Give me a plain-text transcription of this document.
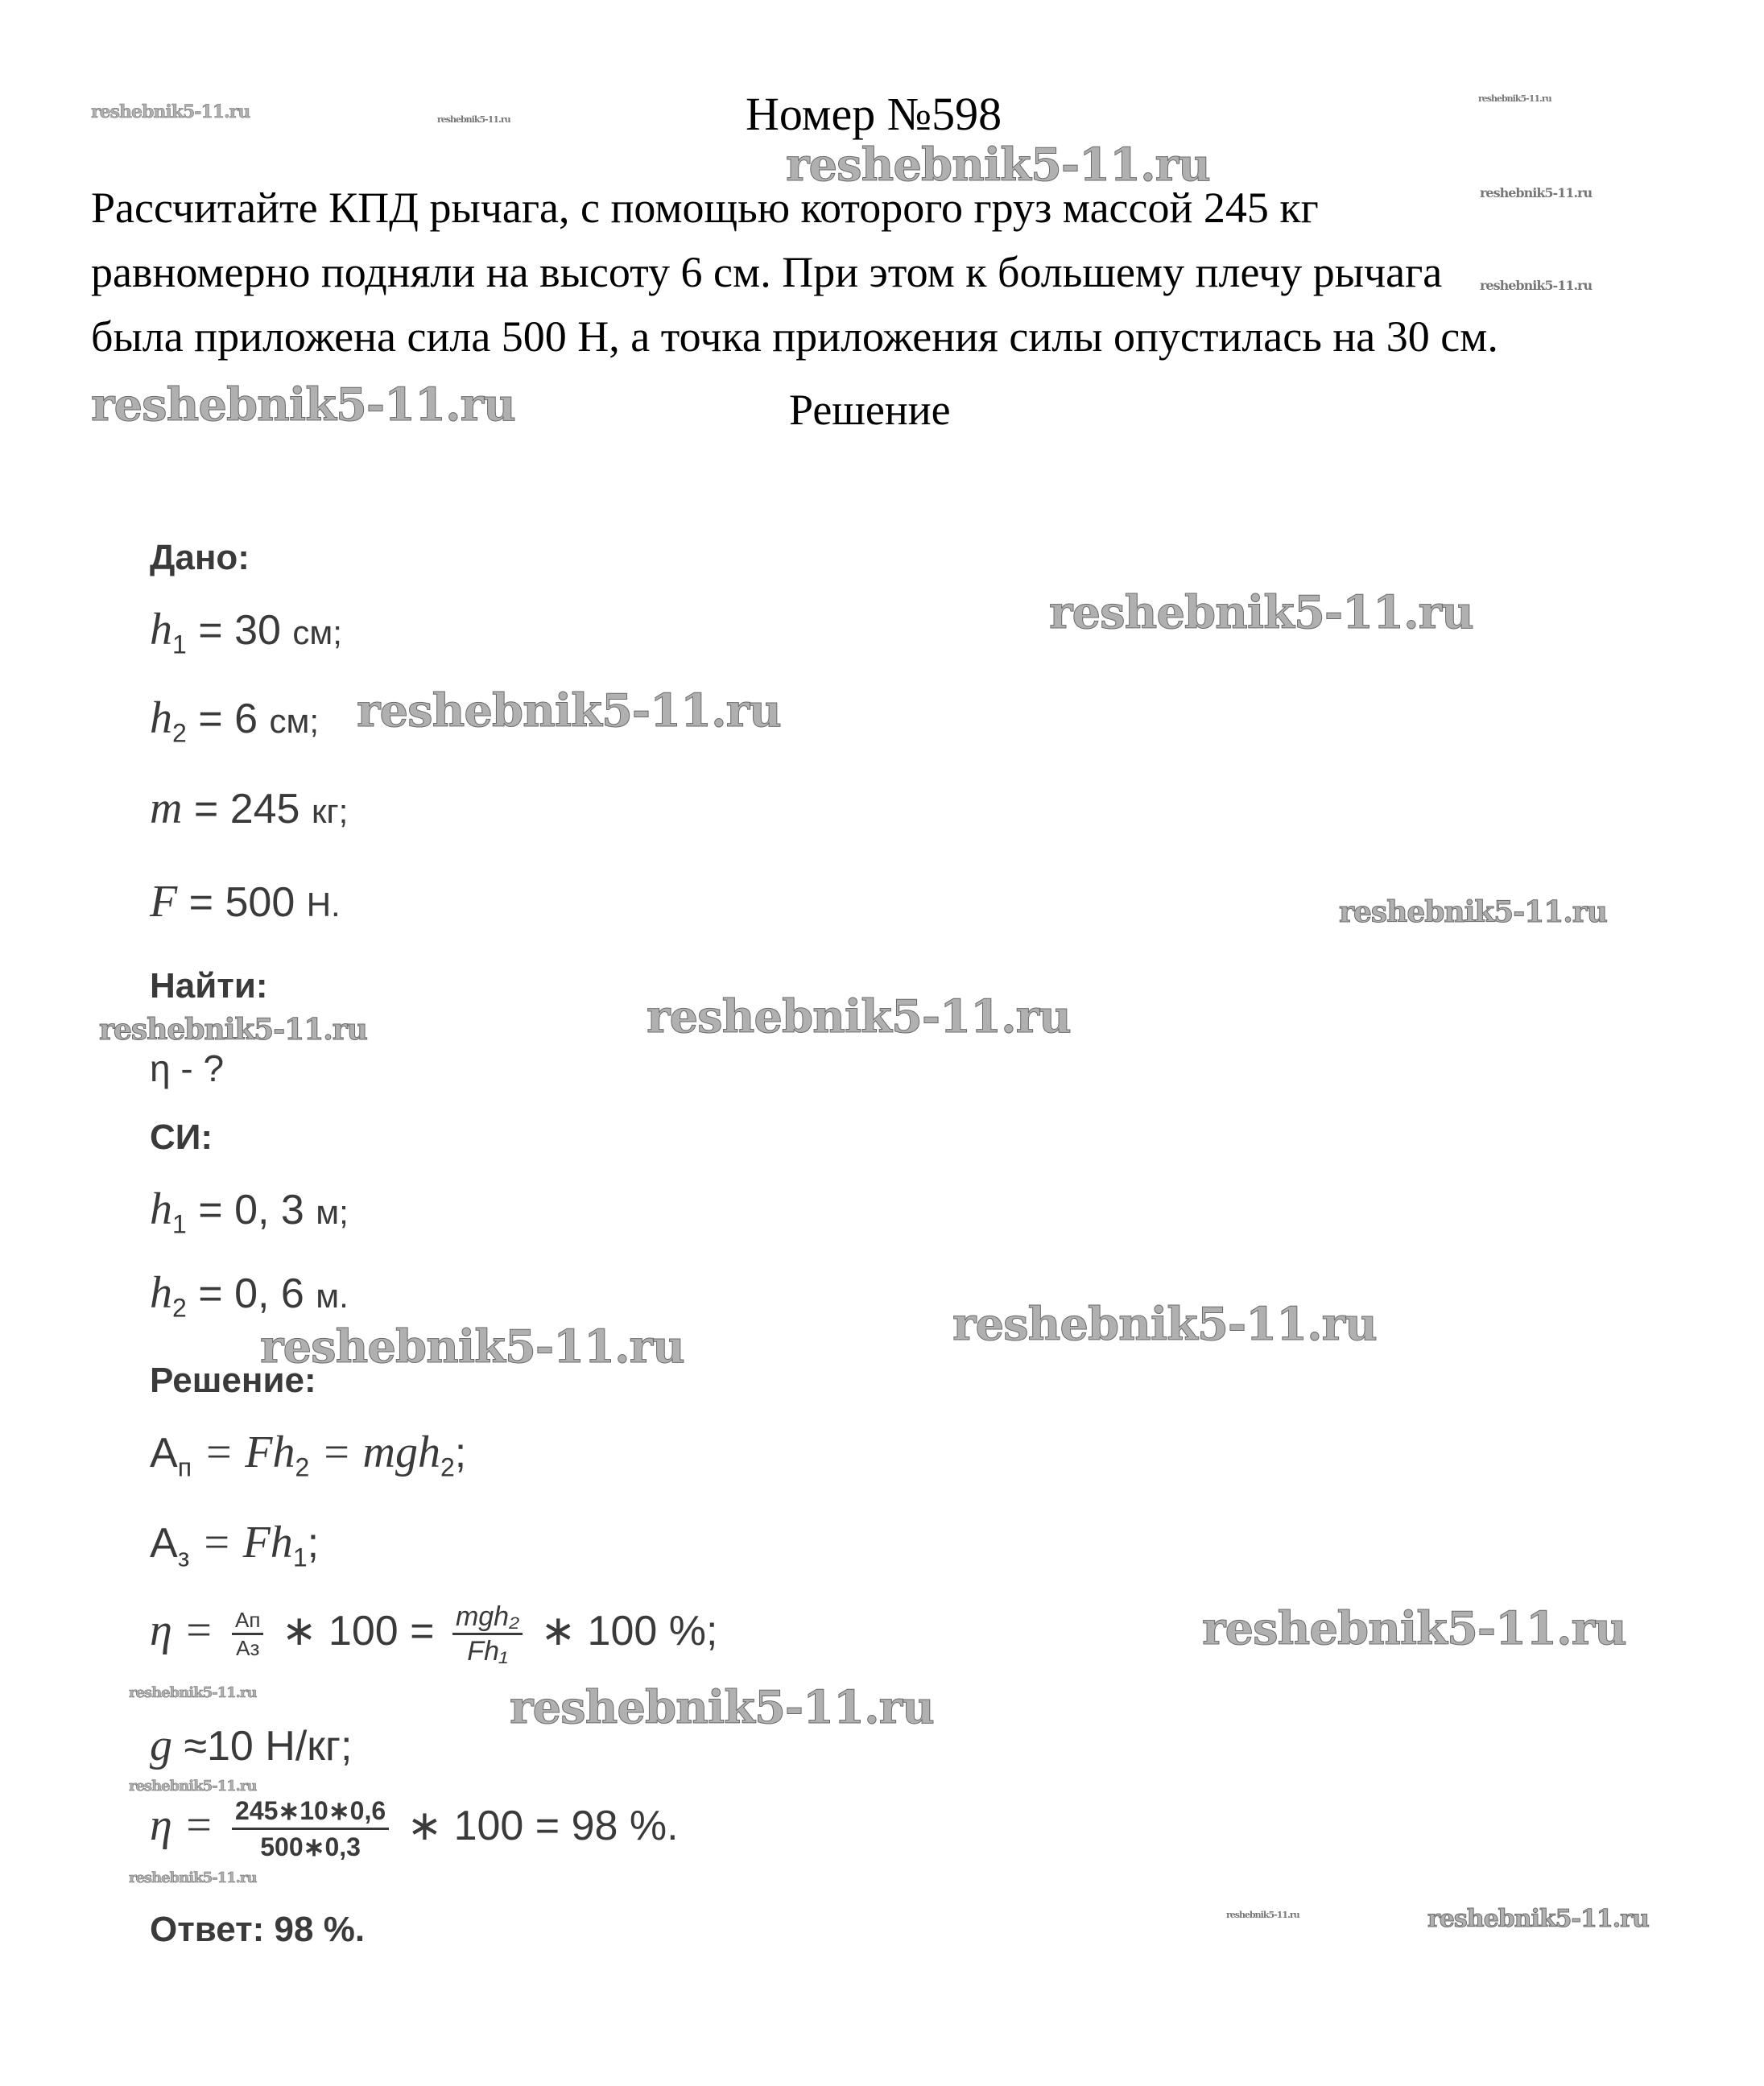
Номер №598
Рассчитайте КПД рычага, с помощью которого груз массой 245 кг
равномерно подняли на высоту 6 см. При этом к большему плечу рычага
была приложена сила 500 Н, а точка приложения силы опустилась на 30 см.
Решение
Дано:
$h_1 = 30$ см;
$h_2 = 6$ см;
m = 245 кг;
F = 500 Н.
Найти:
η - ?
СИ:
$h_1 = 0$, 3 м;
$h_2 = 0$, 6 м.
Решение:
$A_п = Fh_2 = mgh_2$;
$A_з = Fh_1$;
$\eta = \frac{Aп}{Aз}$ ∗ $100 = \frac{\text{mgh₂}}{\text{Fh₁}}$ ∗ 100 %;
g ≈10 Н/кг;
$\eta = \frac{245∗10∗0,6}{500∗0,3}$ ∗ 100 = 98 %.
Ответ: 98 %.
reshebnik5-11.ru	reshebnik5-11.ru
reshebnik5-11.ru
reshebnik5-11.ru
reshebnik5-11.ru
reshebnik5-11.ru
reshebnik5-11.ru
reshebnik5-11.ru
reshebnik5-11.ru
reshebnik5-11.ru
reshebnik5-11.ru
reshebnik5-11.ru
reshebnik5-11.ru
reshebnik5-11.ru
reshebnik5-11.ru
reshebnik5-11.ru
reshebnik5-11.ru
reshebnik5-11.ru
reshebnik5-11.ru
reshebnik5-11.ru	reshebnik5-11.ru
